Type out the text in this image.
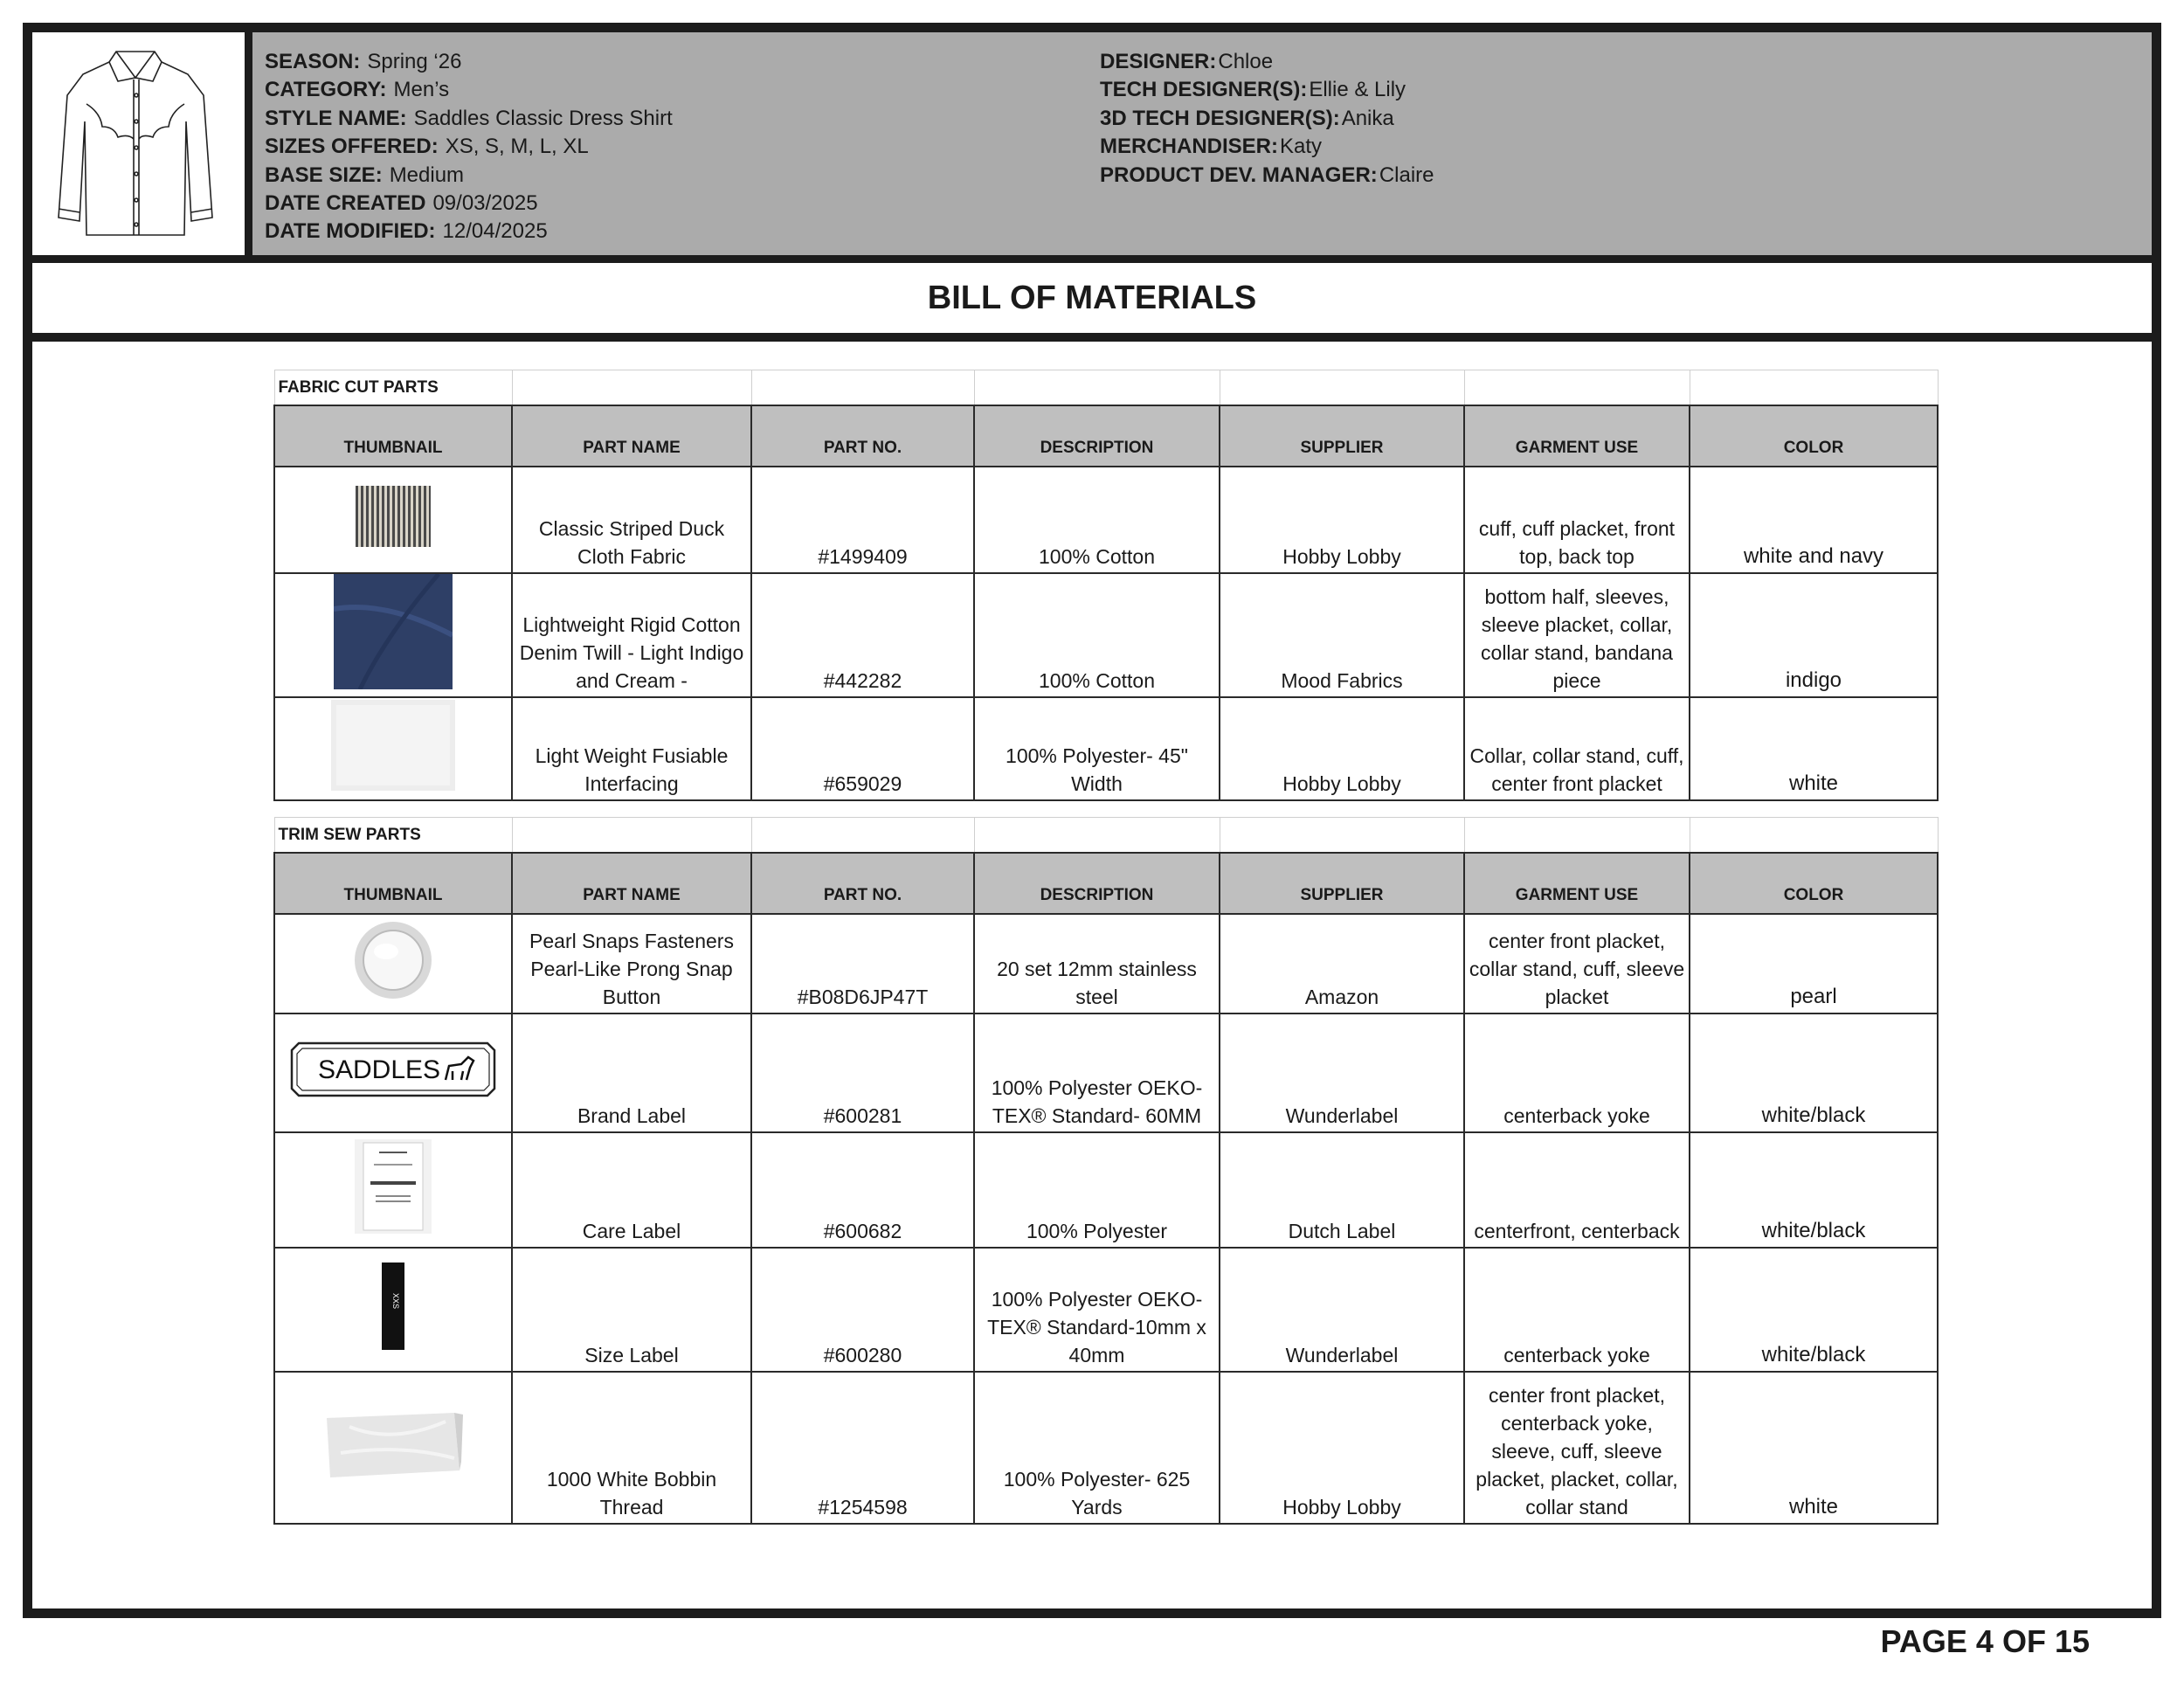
SEASON: Spring ‘26
CATEGORY: Men’s
STYLE NAME: Saddles Classic Dress Shirt
SIZES OFFERED: XS, S, M, L, XL
BASE SIZE: Medium
DATE CREATED 09/03/2025
DATE MODIFIED: 12/04/2025
DESIGNER:Chloe
TECH DESIGNER(S):Ellie & Lily
3D TECH DESIGNER(S):Anika
MERCHANDISER:Katy
PRODUCT DEV. MANAGER:Claire
BILL OF MATERIALS
FABRIC CUT PARTS						
THUMBNAIL	PART NAME	PART NO.	DESCRIPTION	SUPPLIER	GARMENT USE	COLOR
	Classic Striped Duck Cloth Fabric	#1499409	100% Cotton	Hobby Lobby	cuff, cuff placket, front top, back top	white and navy
	Lightweight Rigid Cotton Denim Twill - Light Indigo and Cream -	#442282	100% Cotton	Mood Fabrics	bottom half, sleeves, sleeve placket, collar, collar stand, bandana piece	indigo
	Light Weight Fusiable Interfacing	#659029	100% Polyester- 45" Width	Hobby Lobby	Collar, collar stand, cuff, center front placket	white
TRIM SEW PARTS						
THUMBNAIL	PART NAME	PART NO.	DESCRIPTION	SUPPLIER	GARMENT USE	COLOR
	Pearl Snaps Fasteners Pearl-Like Prong Snap Button	#B08D6JP47T	20 set 12mm stainless steel	Amazon	center front placket, collar stand, cuff, sleeve placket	pearl

SADDLES	Brand Label	#600281	100% Polyester OEKO-TEX® Standard- 60MM	Wunderlabel	centerback yoke	white/black
	Care Label	#600682	100% Polyester	Dutch Label	centerfront, centerback	white/black

XXS	Size Label	#600280	100% Polyester OEKO-TEX® Standard-10mm x 40mm	Wunderlabel	centerback yoke	white/black
	1000 White Bobbin Thread	#1254598	100% Polyester- 625 Yards	Hobby Lobby	center front placket, centerback yoke, sleeve, cuff, sleeve placket, placket, collar, collar stand	white
PAGE 4 OF 15
